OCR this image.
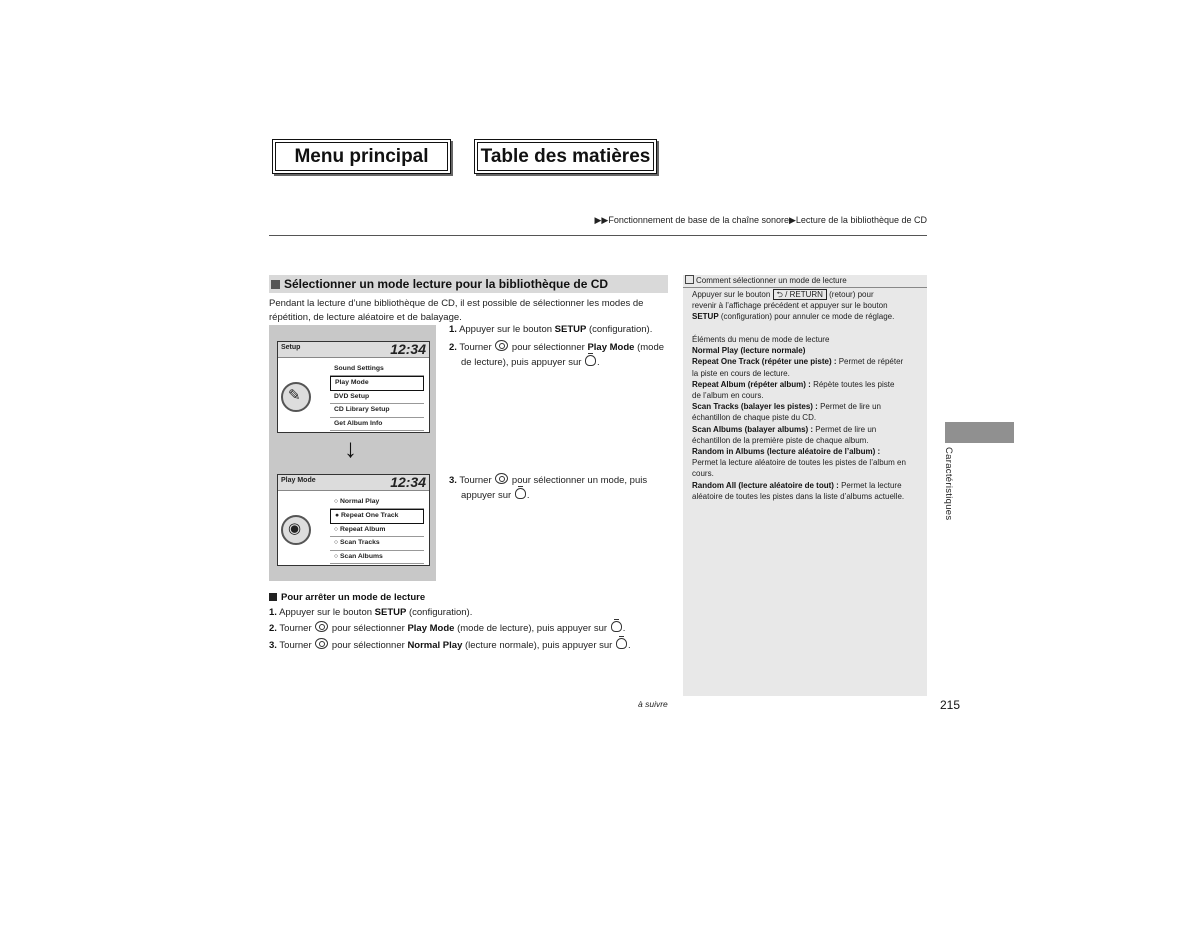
Menu principal	Table des matières
▶▶Fonctionnement de base de la chaîne sonore▶Lecture de la bibliothèque de CD
Sélectionner un mode lecture pour la bibliothèque de CD
Pendant la lecture d’une bibliothèque de CD, il est possible de sélectionner les modes de
répétition, de lecture aléatoire et de balayage.
Setup	12:34
✎
Sound Settings
Play Mode
DVD Setup
CD Library Setup
Get Album Info
↓
Play Mode	12:34
◉
○ Normal Play
● Repeat One Track
○ Repeat Album
○ Scan Tracks
○ Scan Albums
1. Appuyer sur le bouton SETUP (configuration).
2. Tourner  pour sélectionner Play Mode (mode
de lecture), puis appuyer sur .
3. Tourner  pour sélectionner un mode, puis
appuyer sur .
Pour arrêter un mode de lecture
1. Appuyer sur le bouton SETUP (configuration).
2. Tourner  pour sélectionner Play Mode (mode de lecture), puis appuyer sur .
3. Tourner  pour sélectionner Normal Play (lecture normale), puis appuyer sur .
Comment sélectionner un mode de lecture
Appuyer sur le bouton ⮌ / RETURN (retour) pour
revenir à l’affichage précédent et appuyer sur le bouton
SETUP (configuration) pour annuler ce mode de réglage.
Éléments du menu de mode de lecture
Normal Play (lecture normale)
Repeat One Track (répéter une piste) : Permet de répéter
la piste en cours de lecture.
Repeat Album (répéter album) : Répète toutes les piste
de l’album en cours.
Scan Tracks (balayer les pistes) : Permet de lire un
échantillon de chaque piste du CD.
Scan Albums (balayer albums) : Permet de lire un
échantillon de la première piste de chaque album.
Random in Albums (lecture aléatoire de l’album) :
Permet la lecture aléatoire de toutes les pistes de l’album en
cours.
Random All (lecture aléatoire de tout) : Permet la lecture
aléatoire de toutes les pistes dans la liste d’albums actuelle.	Caractéristiques
à suivre	215
